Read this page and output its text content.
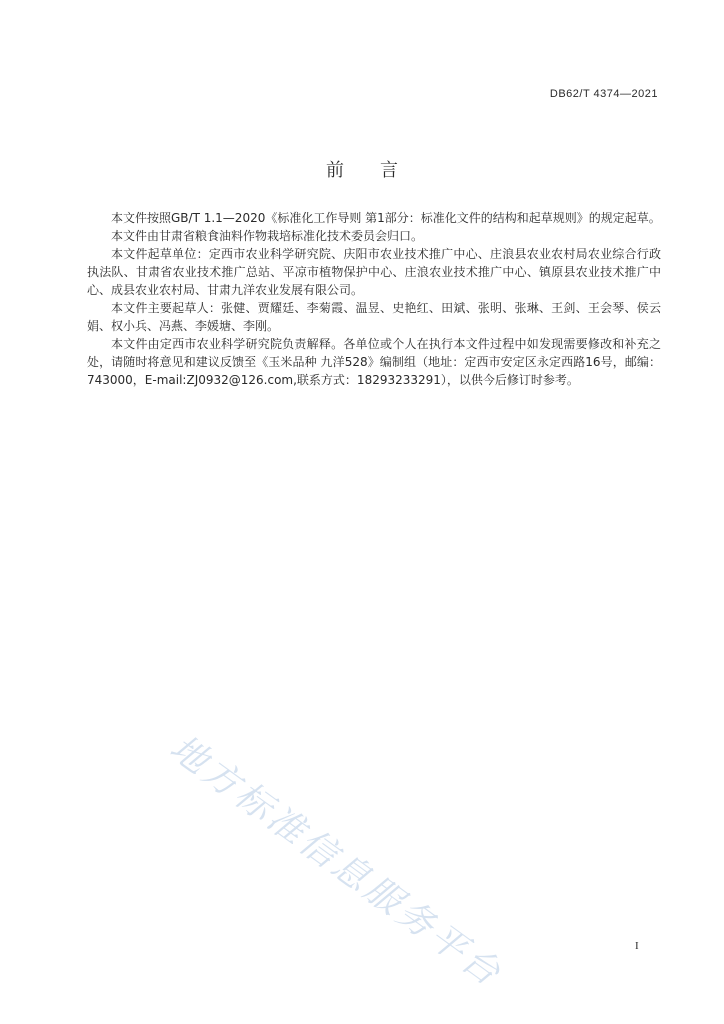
DB62/T 4374—2021
前言

本文件按照GB/T 1.1—2020《标准化工作导则 第1部分：标准化文件的结构和起草规则》的规定起草。

本文件由甘肃省粮食油料作物栽培标准化技术委员会归口。

本文件起草单位：定西市农业科学研究院、庆阳市农业技术推广中心、庄浪县农业农村局农业综合行政执法队、甘肃省农业技术推广总站、平凉市植物保护中心、庄浪农业技术推广中心、镇原县农业技术推广中心、成县农业农村局、甘肃九洋农业发展有限公司。

本文件主要起草人：张健、贾耀廷、李菊霞、温昱、史艳红、田斌、张明、张琳、王剑、王会琴、侯云娟、权小兵、冯燕、李媛塘、李刚。

本文件由定西市农业科学研究院负责解释。各单位或个人在执行本文件过程中如发现需要修改和补充之处，请随时将意见和建议反馈至《玉米品种 九洋528》编制组（地址：定西市安定区永定西路16号，邮编：743000，E-mail:ZJ0932@126.com,联系方式：18293233291），以供今后修订时参考。

地方标准信息服务平台	I
